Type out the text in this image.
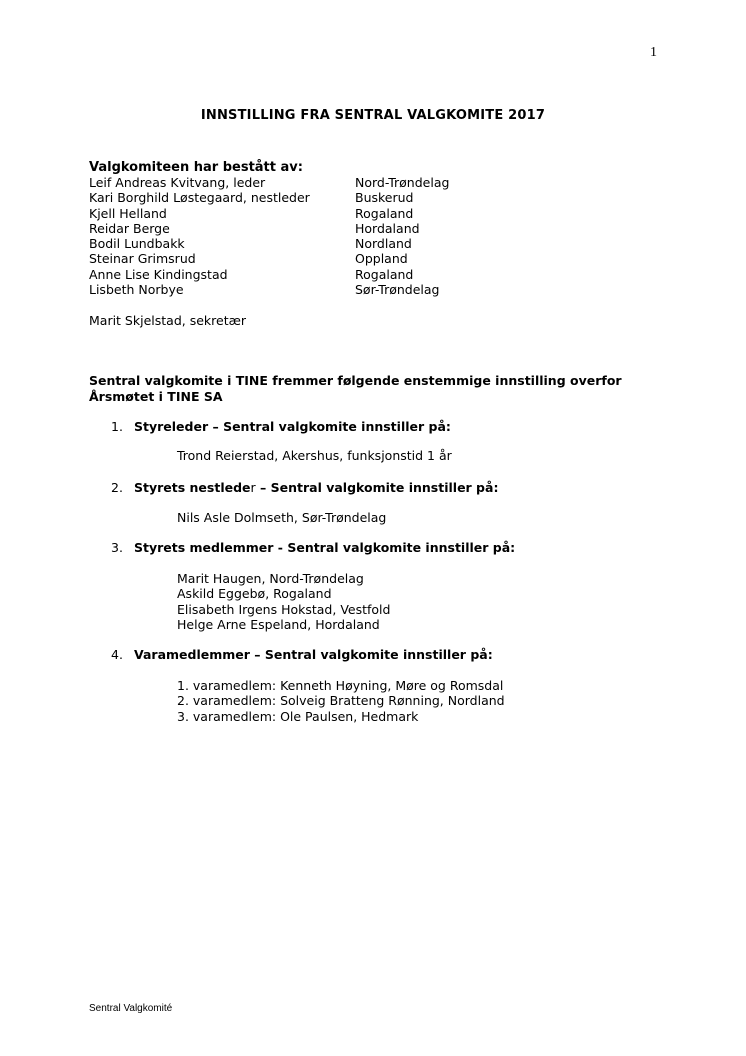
1
INNSTILLING FRA SENTRAL VALGKOMITE 2017
Valgkomiteen har bestått av:
Leif Andreas Kvitvang, leder	Nord-Trøndelag
Kari Borghild Løstegaard, nestleder	Buskerud
Kjell Helland	Rogaland
Reidar Berge	Hordaland
Bodil Lundbakk	Nordland
Steinar Grimsrud	Oppland
Anne Lise Kindingstad	Rogaland
Lisbeth Norbye	Sør-Trøndelag
Marit Skjelstad, sekretær
Sentral valgkomite i TINE fremmer følgende enstemmige innstilling overfor
Årsmøtet i TINE SA
1. Styreleder – Sentral valgkomite innstiller på:
Trond Reierstad, Akershus, funksjonstid 1 år
2. Styrets nestleder – Sentral valgkomite innstiller på:
Nils Asle Dolmseth, Sør-Trøndelag
3. Styrets medlemmer - Sentral valgkomite innstiller på:
Marit Haugen, Nord-Trøndelag
Askild Eggebø, Rogaland
Elisabeth Irgens Hokstad, Vestfold
Helge Arne Espeland, Hordaland
4. Varamedlemmer – Sentral valgkomite innstiller på:
1. varamedlem: Kenneth Høyning, Møre og Romsdal
2. varamedlem: Solveig Bratteng Rønning, Nordland
3. varamedlem: Ole Paulsen, Hedmark
Sentral Valgkomité
